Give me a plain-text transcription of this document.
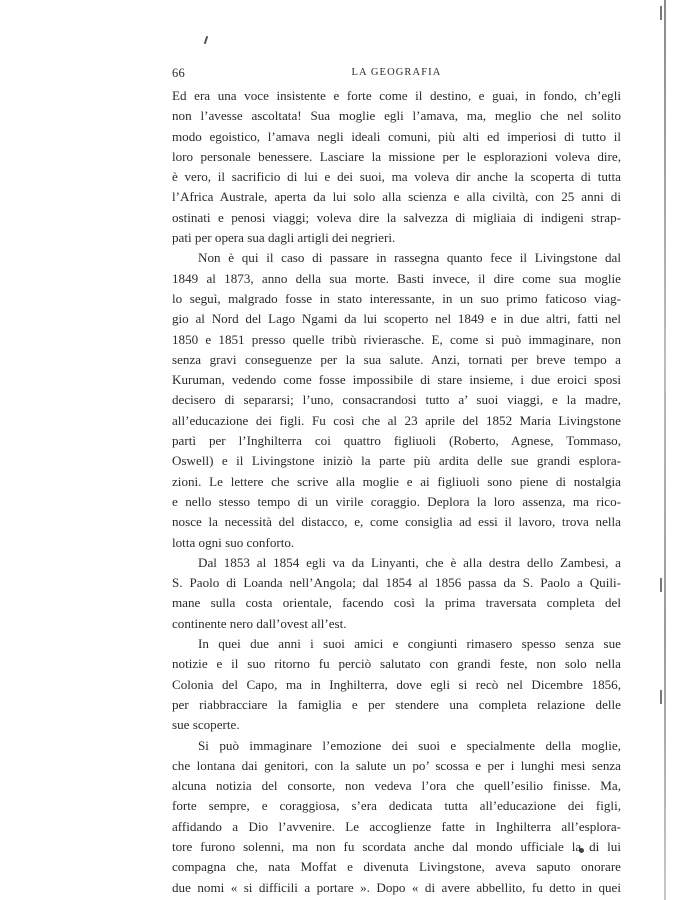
66	LA GEOGRAFIA
Ed era una voce insistente e forte come il destino, e guai, in fondo, ch’egli
non l’avesse ascoltata! Sua moglie egli l’amava, ma, meglio che nel solito
modo egoistico, l’amava negli ideali comuni, più alti ed imperiosi di tutto il
loro personale benessere. Lasciare la missione per le esplorazioni voleva dire,
è vero, il sacrificio di lui e dei suoi, ma voleva dir anche la scoperta di tutta
l’Africa Australe, aperta da lui solo alla scienza e alla civiltà, con 25 anni di
ostinati e penosi viaggi; voleva dire la salvezza di migliaia di indigeni strap-
pati per opera sua dagli artigli dei negrieri.
Non è qui il caso di passare in rassegna quanto fece il Livingstone dal
1849 al 1873, anno della sua morte. Basti invece, il dire come sua moglie
lo seguì, malgrado fosse in stato interessante, in un suo primo faticoso viag-
gio al Nord del Lago Ngami da lui scoperto nel 1849 e in due altri, fatti nel
1850 e 1851 presso quelle tribù rivierasche. E, come si può immaginare, non
senza gravi conseguenze per la sua salute. Anzi, tornati per breve tempo a
Kuruman, vedendo come fosse impossibile di stare insieme, i due eroici sposi
decisero di separarsi; l’uno, consacrandosi tutto a’ suoi viaggi, e la madre,
all’educazione dei figli. Fu così che al 23 aprile del 1852 Maria Livingstone
partì per l’Inghilterra coi quattro figliuoli (Roberto, Agnese, Tommaso,
Oswell) e il Livingstone iniziò la parte più ardita delle sue grandi esplora-
zioni. Le lettere che scrive alla moglie e ai figliuoli sono piene di nostalgia
e nello stesso tempo di un virile coraggio. Deplora la loro assenza, ma rico-
nosce la necessità del distacco, e, come consiglia ad essi il lavoro, trova nella
lotta ogni suo conforto.
Dal 1853 al 1854 egli va da Linyanti, che è alla destra dello Zambesi, a
S. Paolo di Loanda nell’Angola; dal 1854 al 1856 passa da S. Paolo a Quili-
mane sulla costa orientale, facendo così la prima traversata completa del
continente nero dall’ovest all’est.
In quei due anni i suoi amici e congiunti rimasero spesso senza sue
notizie e il suo ritorno fu perciò salutato con grandi feste, non solo nella
Colonia del Capo, ma in Inghilterra, dove egli si recò nel Dicembre 1856,
per riabbracciare la famiglia e per stendere una completa relazione delle
sue scoperte.
Si può immaginare l’emozione dei suoi e specialmente della moglie,
che lontana dai genitori, con la salute un po’ scossa e per i lunghi mesi senza
alcuna notizia del consorte, non vedeva l’ora che quell’esilio finisse. Ma,
forte sempre, e coraggiosa, s’era dedicata tutta all’educazione dei figli,
affidando a Dio l’avvenire. Le accoglienze fatte in Inghilterra all’esplora-
tore furono solenni, ma non fu scordata anche dal mondo ufficiale la di lui
compagna che, nata Moffat e divenuta Livingstone, aveva saputo onorare
due nomi « si difficili a portare ». Dopo « di avere abbellito, fu detto in quei
